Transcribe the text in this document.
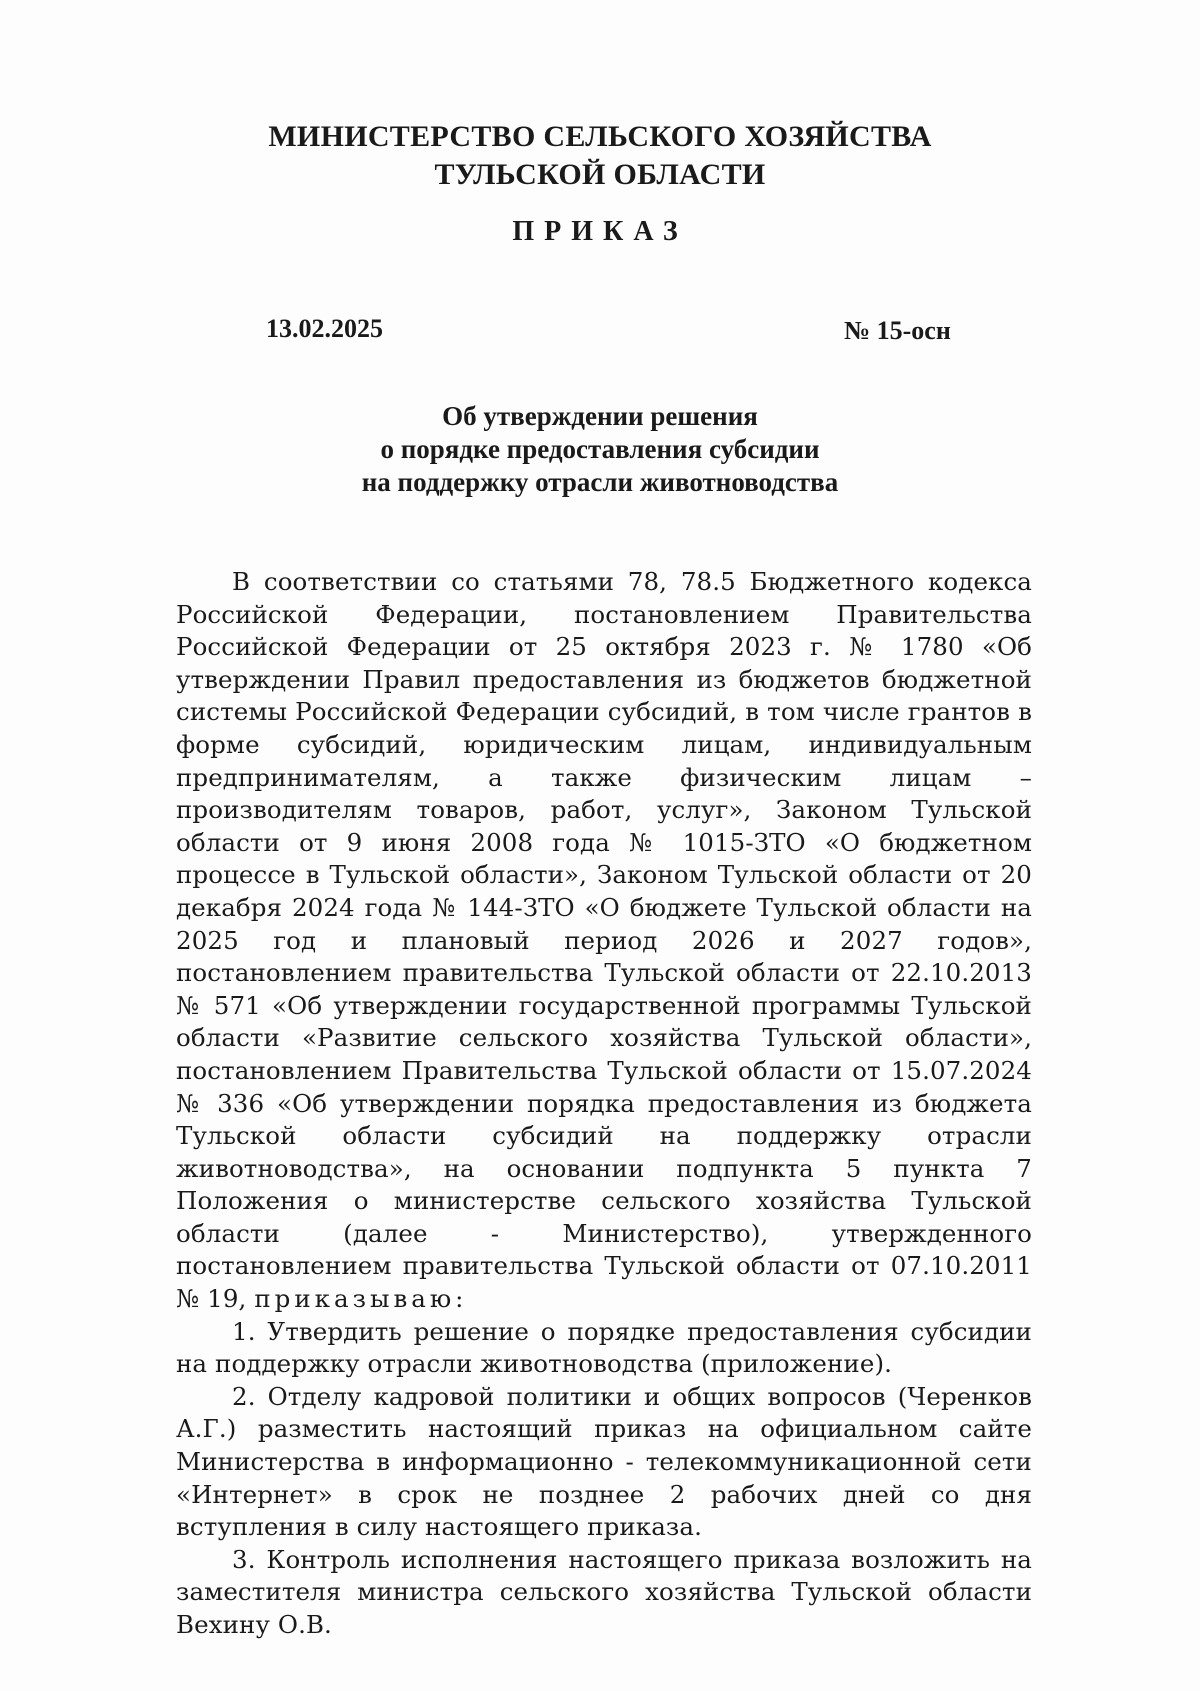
МИНИСТЕРСТВО СЕЛЬСКОГО ХОЗЯЙСТВА
ТУЛЬСКОЙ ОБЛАСТИ
ПРИКАЗ
13.02.2025	№ 15-осн
Об утверждении решения
о порядке предоставления субсидии
на поддержку отрасли животноводства

В соответствии со статьями 78, 78.5 Бюджетного кодекса Российской Федерации, постановлением Правительства Российской Федерации от 25 октября 2023 г. № 1780 «Об утверждении Правил предоставления из бюджетов бюджетной системы Российской Федерации субсидий, в том числе грантов в форме субсидий, юридическим лицам, индивидуальным предпринимателям, а также физическим лицам – производителям товаров, работ, услуг», Законом Тульской области от 9 июня 2008 года № 1015-ЗТО «О бюджетном процессе в Тульской области», Законом Тульской области от 20 декабря 2024 года № 144-ЗТО «О бюджете Тульской области на 2025 год и плановый период 2026 и 2027 годов», постановлением правительства Тульской области от 22.10.2013 № 571 «Об утверждении государственной программы Тульской области «Развитие сельского хозяйства Тульской области», постановлением Правительства Тульской области от 15.07.2024 № 336 «Об утверждении порядка предоставления из бюджета Тульской области субсидий на поддержку отрасли животноводства», на основании подпункта 5 пункта 7 Положения о министерстве сельского хозяйства Тульской области (далее - Министерство), утвержденного постановлением правительства Тульской области от 07.10.2011 № 19, приказываю:

1. Утвердить решение о порядке предоставления субсидии на поддержку отрасли животноводства (приложение).

2. Отделу кадровой политики и общих вопросов (Черенков А.Г.) разместить настоящий приказ на официальном сайте Министерства в информационно - телекоммуникационной сети «Интернет» в срок не позднее 2 рабочих дней со дня вступления в силу настоящего приказа.

3. Контроль исполнения настоящего приказа возложить на заместителя министра сельского хозяйства Тульской области Вехину О.В.
